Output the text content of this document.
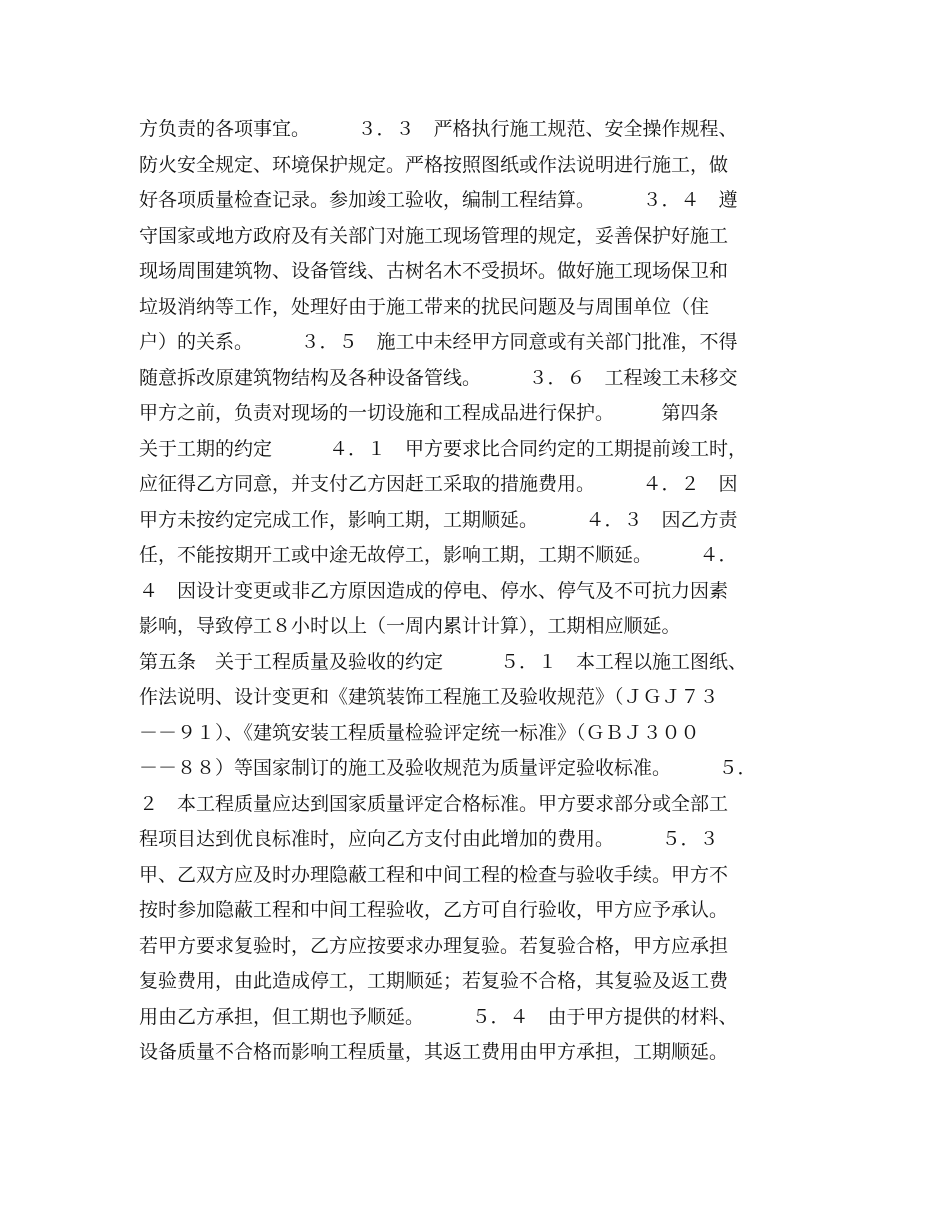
方负责的各项事宜。　　　３．３　严格执行施工规范、安全操作规程、
防火安全规定、环境保护规定。严格按照图纸或作法说明进行施工，做
好各项质量检查记录。参加竣工验收，编制工程结算。　　　３．４　遵
守国家或地方政府及有关部门对施工现场管理的规定，妥善保护好施工
现场周围建筑物、设备管线、古树名木不受损坏。做好施工现场保卫和
垃圾消纳等工作，处理好由于施工带来的扰民问题及与周围单位（住
户）的关系。　　　３．５　施工中未经甲方同意或有关部门批准，不得
随意拆改原建筑物结构及各种设备管线。　　　３．６　工程竣工未移交
甲方之前，负责对现场的一切设施和工程成品进行保护。　　　第四条
关于工期的约定　　　４．１　甲方要求比合同约定的工期提前竣工时，
应征得乙方同意，并支付乙方因赶工采取的措施费用。　　　４．２　因
甲方未按约定完成工作，影响工期，工期顺延。　　　４．３　因乙方责
任，不能按期开工或中途无故停工，影响工期，工期不顺延。　　　４．
４　因设计变更或非乙方原因造成的停电、停水、停气及不可抗力因素
影响，导致停工８小时以上（一周内累计计算），工期相应顺延。
第五条　关于工程质量及验收的约定　　　５．１　本工程以施工图纸、
作法说明、设计变更和《建筑装饰工程施工及验收规范》（ＪＧＪ７３
－－９１）、《建筑安装工程质量检验评定统一标准》（ＧＢＪ３００
－－８８）等国家制订的施工及验收规范为质量评定验收标准。　　　５．
２　本工程质量应达到国家质量评定合格标准。甲方要求部分或全部工
程项目达到优良标准时，应向乙方支付由此增加的费用。　　　５．３
甲、乙双方应及时办理隐蔽工程和中间工程的检查与验收手续。甲方不
按时参加隐蔽工程和中间工程验收，乙方可自行验收，甲方应予承认。
若甲方要求复验时，乙方应按要求办理复验。若复验合格，甲方应承担
复验费用，由此造成停工，工期顺延；若复验不合格，其复验及返工费
用由乙方承担，但工期也予顺延。　　　５．４　由于甲方提供的材料、
设备质量不合格而影响工程质量，其返工费用由甲方承担，工期顺延。
